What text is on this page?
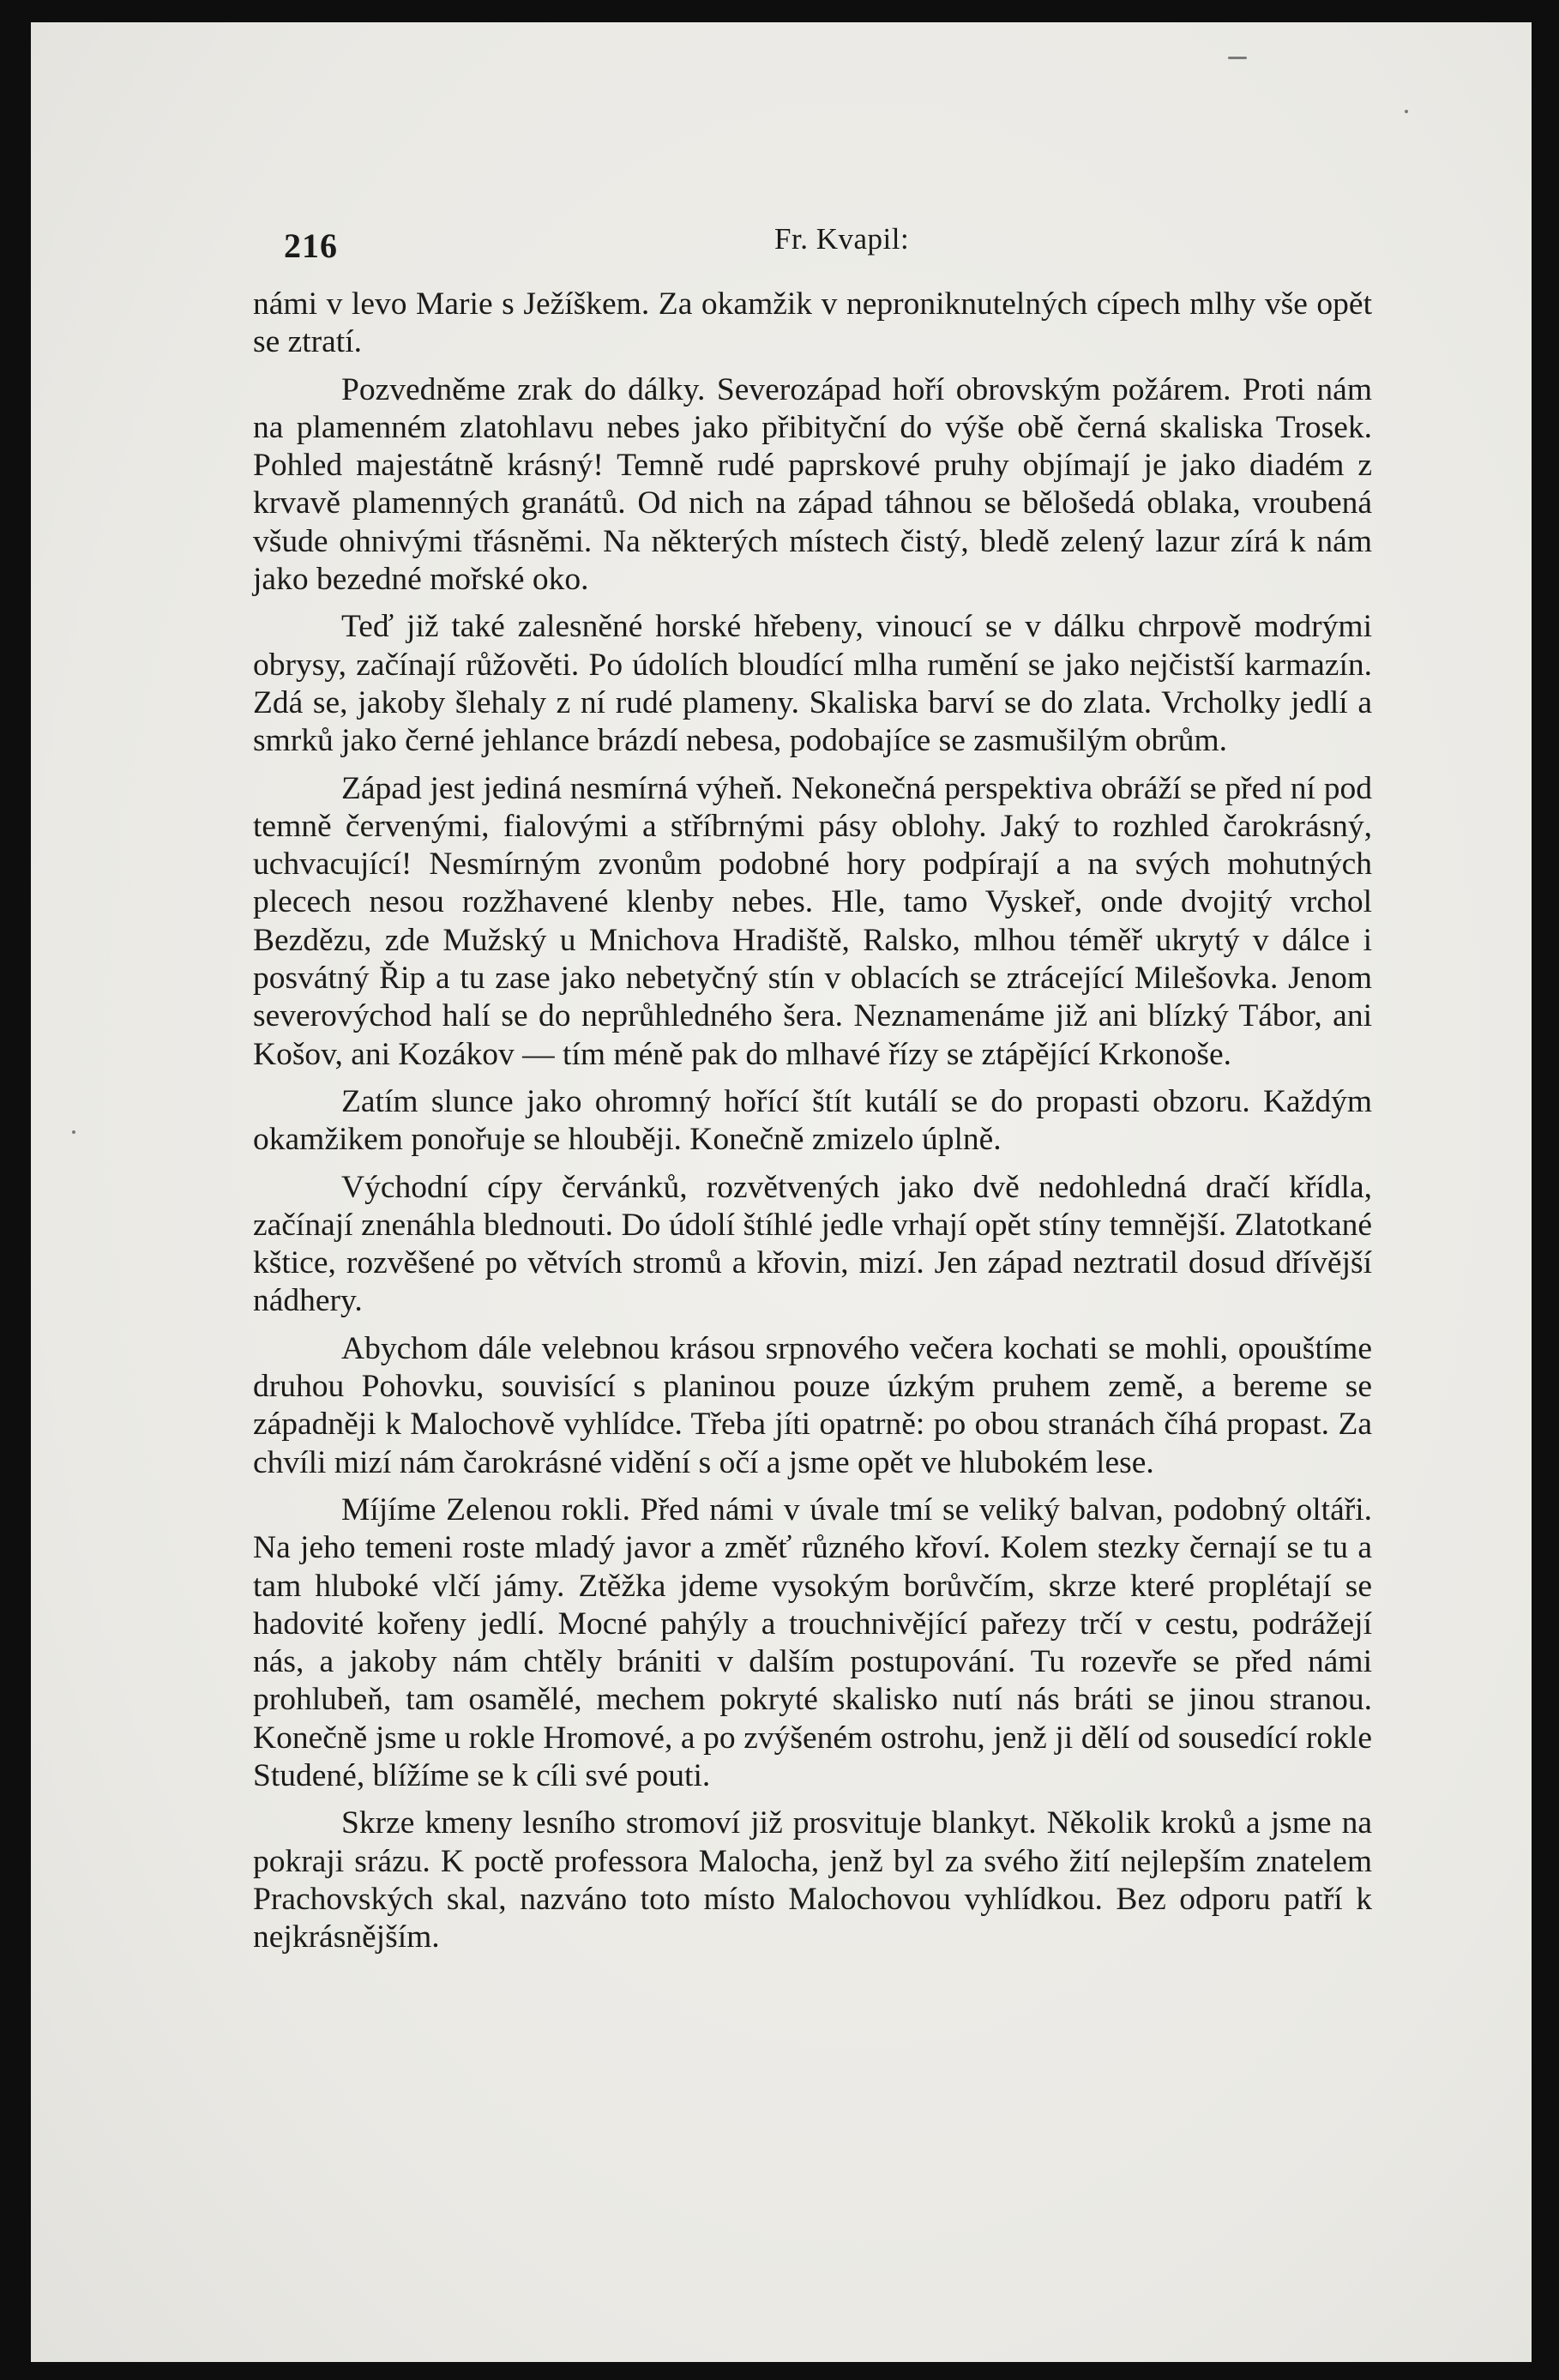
216	Fr. Kvapil:

námi v levo Marie s Ježíškem. Za okamžik v neproniknutelných cípech mlhy vše opět se ztratí.

Pozvedněme zrak do dálky. Severozápad hoří obrovským požárem. Proti nám na plamenném zlatohlavu nebes jako přibityční do výše obě černá skaliska Trosek. Pohled majestátně krásný! Temně rudé paprskové pruhy objímají je jako diadém z krvavě plamenných granátů. Od nich na západ táhnou se bělošedá oblaka, vroubená všude ohnivými třásněmi. Na některých místech čistý, bledě zelený lazur zírá k nám jako bezedné mořské oko.

Teď již také zalesněné horské hřebeny, vinoucí se v dálku chrpově modrými obrysy, začínají růžověti. Po údolích bloudící mlha rumění se jako nejčistší karmazín. Zdá se, jakoby šlehaly z ní rudé plameny. Skaliska barví se do zlata. Vrcholky jedlí a smrků jako černé jehlance brázdí nebesa, podobajíce se zasmušilým obrům.

Západ jest jediná nesmírná výheň. Nekonečná perspektiva obráží se před ní pod temně červenými, fialovými a stříbrnými pásy oblohy. Jaký to rozhled čarokrásný, uchvacující! Nesmírným zvonům podobné hory podpírají a na svých mohutných plecech nesou rozžhavené klenby nebes. Hle, tamo Vyskeř, onde dvojitý vrchol Bezdězu, zde Mužský u Mnichova Hradiště, Ralsko, mlhou téměř ukrytý v dálce i posvátný Řip a tu zase jako nebetyčný stín v oblacích se ztrácející Milešovka. Jenom severovýchod halí se do neprůhledného šera. Neznamenáme již ani blízký Tábor, ani Košov, ani Kozákov — tím méně pak do mlhavé řízy se ztápějící Krkonoše.

Zatím slunce jako ohromný hořící štít kutálí se do propasti obzoru. Každým okamžikem ponořuje se hlouběji. Konečně zmizelo úplně.

Východní cípy červánků, rozvětvených jako dvě nedohledná dračí křídla, začínají znenáhla blednouti. Do údolí štíhlé jedle vrhají opět stíny temnější. Zlatotkané kštice, rozvěšené po větvích stromů a křovin, mizí. Jen západ neztratil dosud dřívější nádhery.

Abychom dále velebnou krásou srpnového večera kochati se mohli, opouštíme druhou Pohovku, souvisící s planinou pouze úzkým pruhem země, a bereme se západněji k Malochově vyhlídce. Třeba jíti opatrně: po obou stranách číhá propast. Za chvíli mizí nám čarokrásné vidění s očí a jsme opět ve hlubokém lese.

Míjíme Zelenou rokli. Před námi v úvale tmí se veliký balvan, podobný oltáři. Na jeho temeni roste mladý javor a změť různého křoví. Kolem stezky černají se tu a tam hluboké vlčí jámy. Ztěžka jdeme vysokým borůvčím, skrze které proplétají se hadovité kořeny jedlí. Mocné pahýly a trouchnivějící pařezy trčí v cestu, podrážejí nás, a jakoby nám chtěly brániti v dalším postupování. Tu rozevře se před námi prohlubeň, tam osamělé, mechem pokryté skalisko nutí nás bráti se jinou stranou. Konečně jsme u rokle Hromové, a po zvýšeném ostrohu, jenž ji dělí od sousedící rokle Studené, blížíme se k cíli své pouti.

Skrze kmeny lesního stromoví již prosvituje blankyt. Několik kroků a jsme na pokraji srázu. K poctě professora Malocha, jenž byl za svého žití nejlepším znatelem Prachovských skal, nazváno toto místo Malochovou vyhlídkou. Bez odporu patří k nejkrásnějším.
